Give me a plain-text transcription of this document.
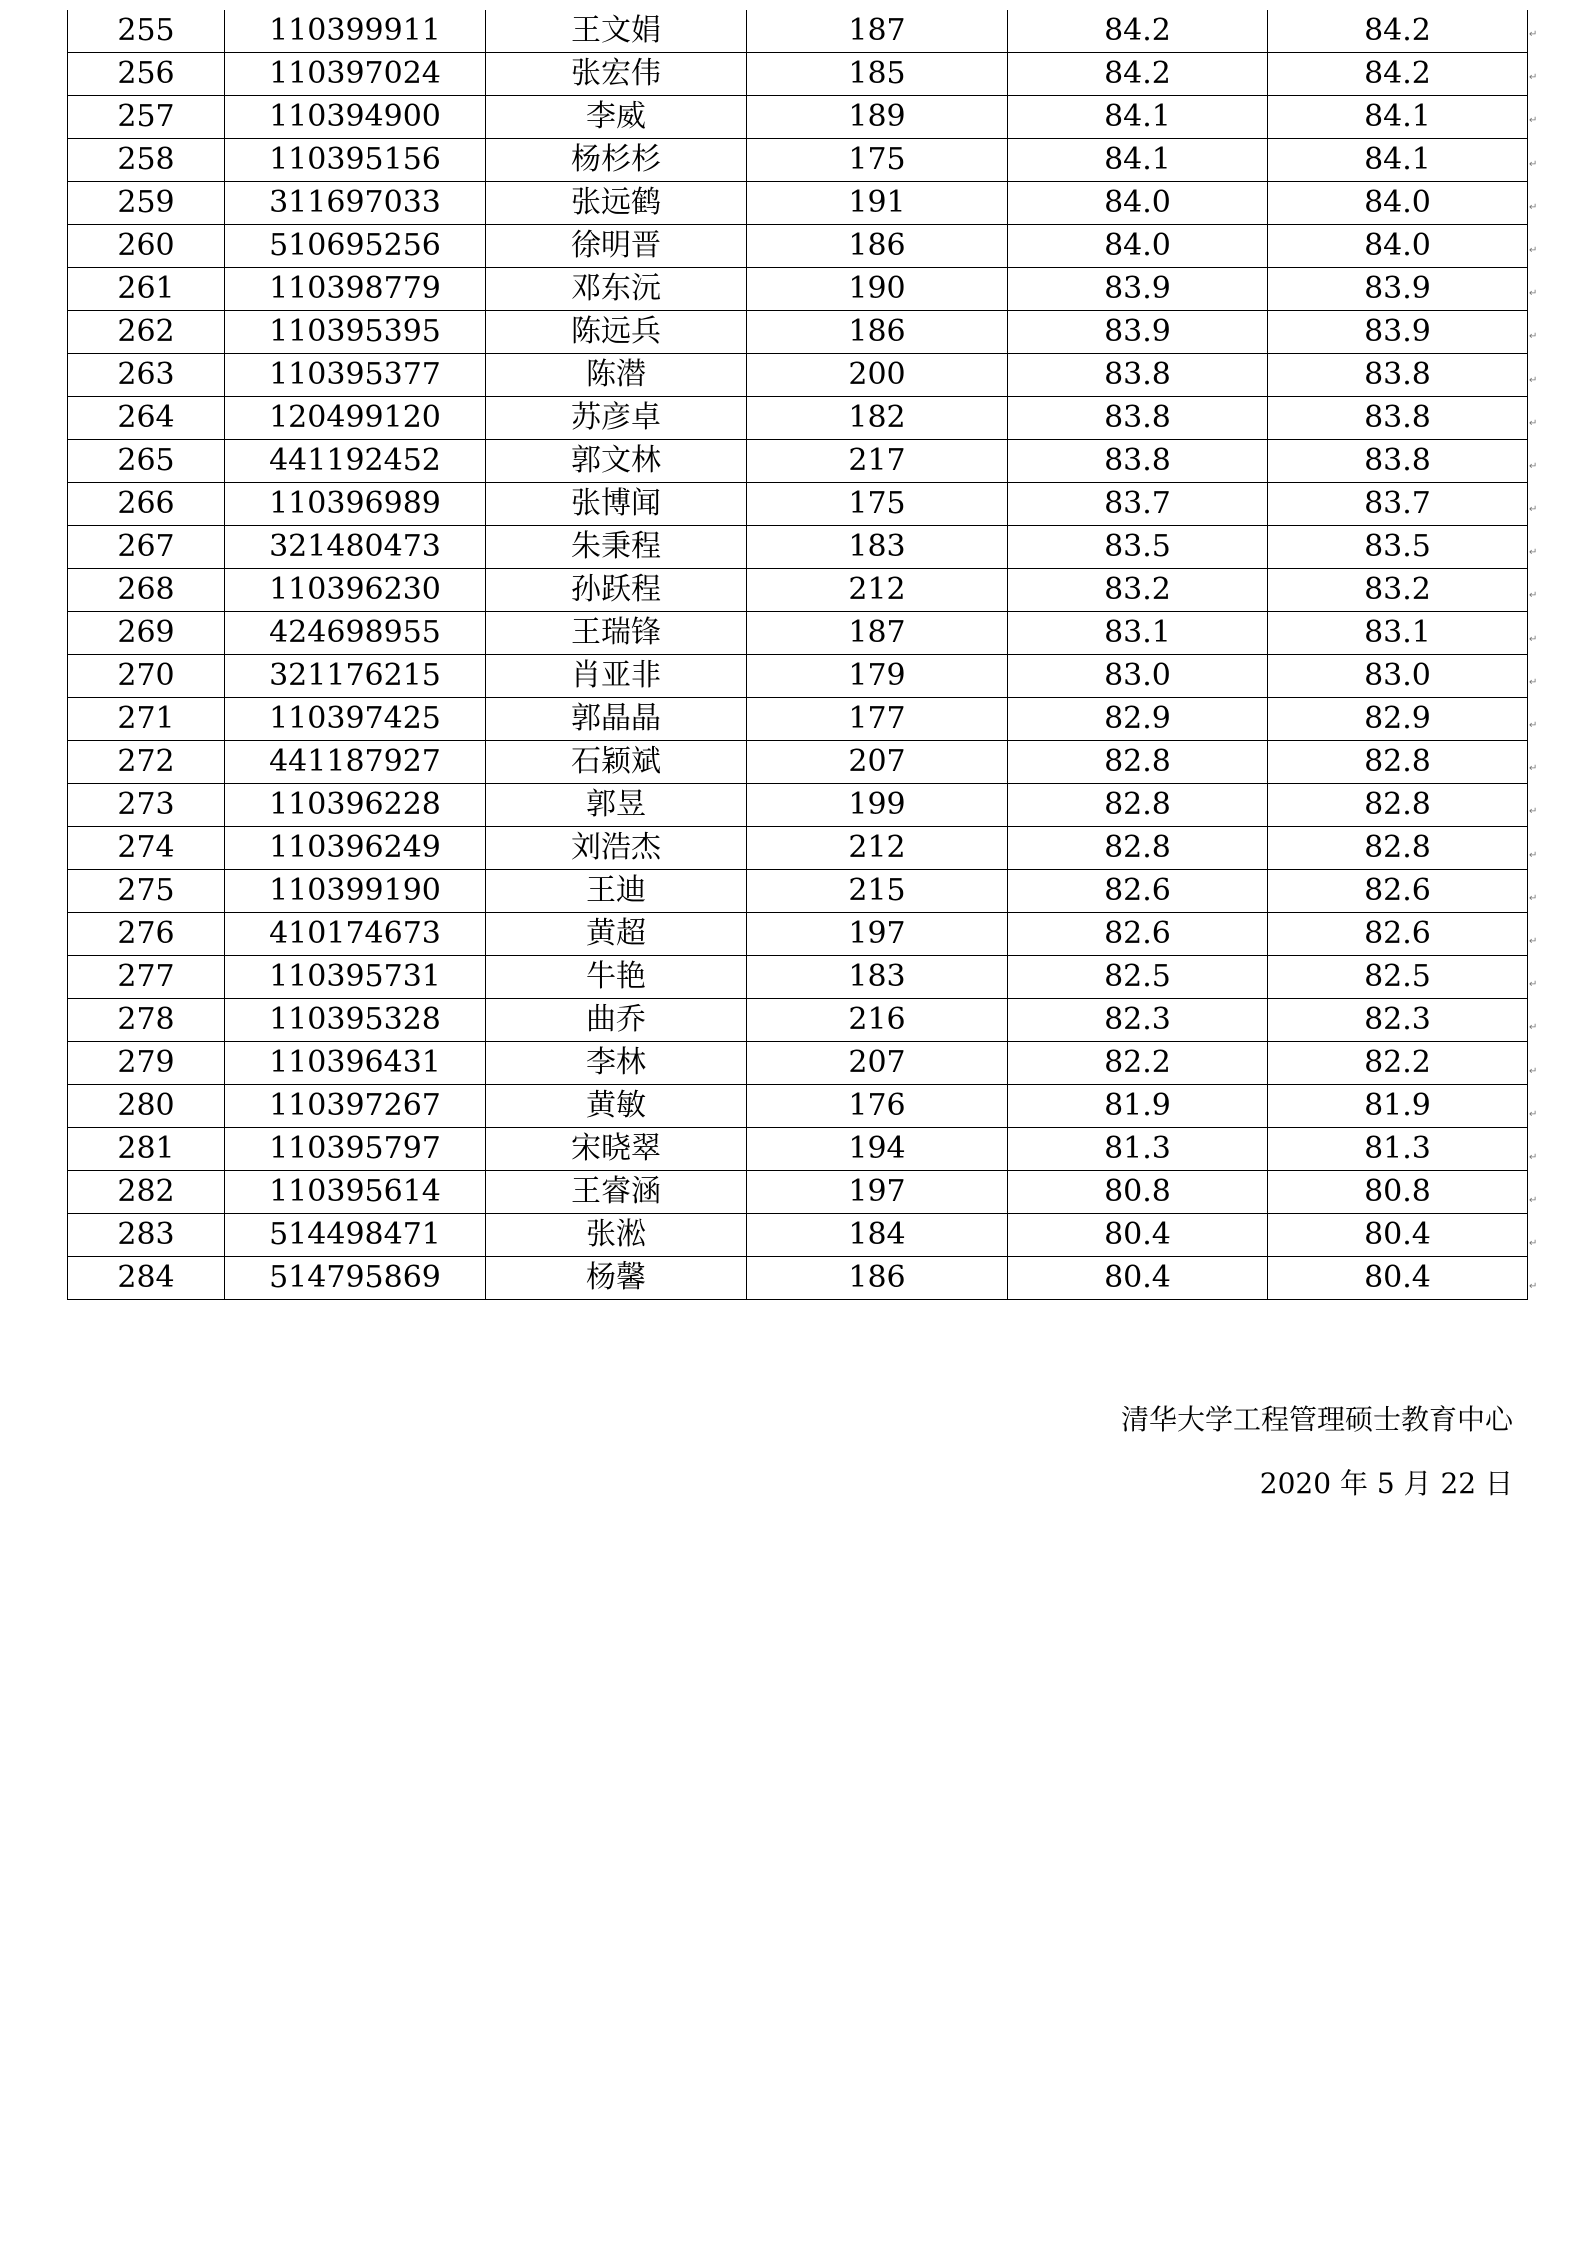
255	110399911	王文娟	187	84.2	84.2
256	110397024	张宏伟	185	84.2	84.2
257	110394900	李威	189	84.1	84.1
258	110395156	杨杉杉	175	84.1	84.1
259	311697033	张远鹤	191	84.0	84.0
260	510695256	徐明晋	186	84.0	84.0
261	110398779	邓东沅	190	83.9	83.9
262	110395395	陈远兵	186	83.9	83.9
263	110395377	陈潜	200	83.8	83.8
264	120499120	苏彦卓	182	83.8	83.8
265	441192452	郭文林	217	83.8	83.8
266	110396989	张博闻	175	83.7	83.7
267	321480473	朱秉程	183	83.5	83.5
268	110396230	孙跃程	212	83.2	83.2
269	424698955	王瑞锋	187	83.1	83.1
270	321176215	肖亚非	179	83.0	83.0
271	110397425	郭晶晶	177	82.9	82.9
272	441187927	石颖斌	207	82.8	82.8
273	110396228	郭昱	199	82.8	82.8
274	110396249	刘浩杰	212	82.8	82.8
275	110399190	王迪	215	82.6	82.6
276	410174673	黄超	197	82.6	82.6
277	110395731	牛艳	183	82.5	82.5
278	110395328	曲乔	216	82.3	82.3
279	110396431	李林	207	82.2	82.2
280	110397267	黄敏	176	81.9	81.9
281	110395797	宋晓翠	194	81.3	81.3
282	110395614	王睿涵	197	80.8	80.8
283	514498471	张淞	184	80.4	80.4
284	514795869	杨馨	186	80.4	80.4
↵
↵
↵
↵
↵
↵
↵
↵
↵
↵
↵
↵
↵
↵
↵
↵
↵
↵
↵
↵
↵
↵
↵
↵
↵
↵
↵
↵
↵
↵
清华大学工程管理硕士教育中心
2020 年 5 月 22 日
